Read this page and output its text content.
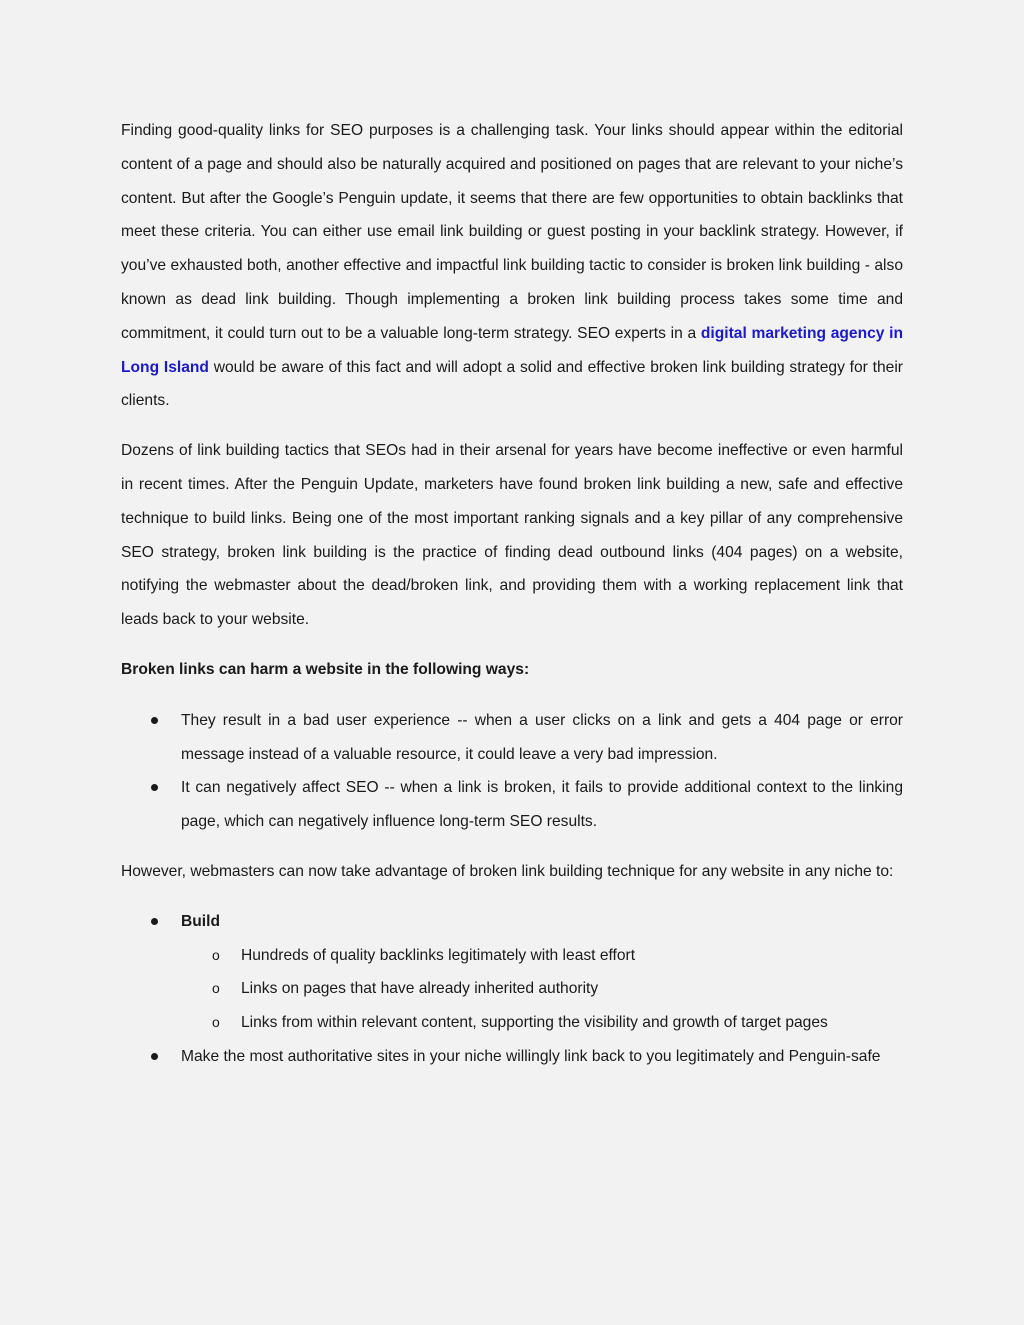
Finding good-quality links for SEO purposes is a challenging task. Your links should appear within the editorial content of a page and should also be naturally acquired and positioned on pages that are relevant to your niche’s content. But after the Google’s Penguin update, it seems that there are few opportunities to obtain backlinks that meet these criteria. You can either use email link building or guest posting in your backlink strategy. However, if you’ve exhausted both, another effective and impactful link building tactic to consider is broken link building - also known as dead link building. Though implementing a broken link building process takes some time and commitment, it could turn out to be a valuable long-term strategy. SEO experts in a digital marketing agency in Long Island would be aware of this fact and will adopt a solid and effective broken link building strategy for their clients.

Dozens of link building tactics that SEOs had in their arsenal for years have become ineffective or even harmful in recent times. After the Penguin Update, marketers have found broken link building a new, safe and effective technique to build links. Being one of the most important ranking signals and a key pillar of any comprehensive SEO strategy, broken link building is the practice of finding dead outbound links (404 pages) on a website, notifying the webmaster about the dead/broken link, and providing them with a working replacement link that leads back to your website.

Broken links can harm a website in the following ways:

They result in a bad user experience -- when a user clicks on a link and gets a 404 page or error message instead of a valuable resource, it could leave a very bad impression.
It can negatively affect SEO -- when a link is broken, it fails to provide additional context to the linking page, which can negatively influence long-term SEO results.

However, webmasters can now take advantage of broken link building technique for any website in any niche to:

Build
o Hundreds of quality backlinks legitimately with least effort
o Links on pages that have already inherited authority
o Links from within relevant content, supporting the visibility and growth of target pages
Make the most authoritative sites in your niche willingly link back to you legitimately and Penguin-safe
